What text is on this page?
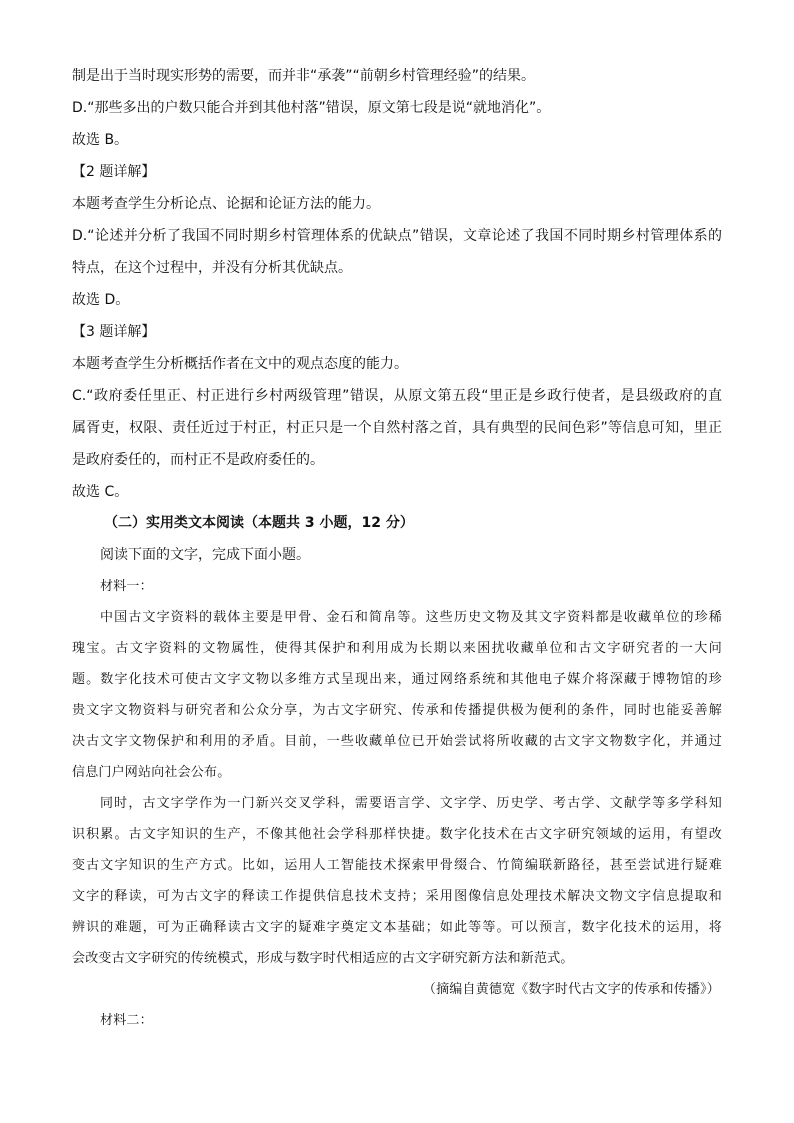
制是出于当时现实形势的需要，而并非“承袭”“前朝乡村管理经验”的结果。
D.“那些多出的户数只能合并到其他村落”错误，原文第七段是说“就地消化”。
故选 B。
【2 题详解】
本题考查学生分析论点、论据和论证方法的能力。
D.“论述并分析了我国不同时期乡村管理体系的优缺点”错误，文章论述了我国不同时期乡村管理体系的
特点，在这个过程中，并没有分析其优缺点。
故选 D。
【3 题详解】
本题考查学生分析概括作者在文中的观点态度的能力。
C.“政府委任里正、村正进行乡村两级管理”错误，从原文第五段“里正是乡政行使者，是县级政府的直
属胥吏，权限、责任近过于村正，村正只是一个自然村落之首，具有典型的民间色彩”等信息可知，里正
是政府委任的，而村正不是政府委任的。
故选 C。
（二）实用类文本阅读（本题共 3 小题，12 分）
阅读下面的文字，完成下面小题。
材料一：
中国古文字资料的载体主要是甲骨、金石和简帛等。这些历史文物及其文字资料都是收藏单位的珍稀
瑰宝。古文字资料的文物属性，使得其保护和利用成为长期以来困扰收藏单位和古文字研究者的一大问
题。数字化技术可使古文字文物以多维方式呈现出来，通过网络系统和其他电子媒介将深藏于博物馆的珍
贵文字文物资料与研究者和公众分享，为古文字研究、传承和传播提供极为便利的条件，同时也能妥善解
决古文字文物保护和利用的矛盾。目前，一些收藏单位已开始尝试将所收藏的古文字文物数字化，并通过
信息门户网站向社会公布。
同时，古文字学作为一门新兴交叉学科，需要语言学、文字学、历史学、考古学、文献学等多学科知
识积累。古文字知识的生产，不像其他社会学科那样快捷。数字化技术在古文字研究领域的运用，有望改
变古文字知识的生产方式。比如，运用人工智能技术探索甲骨缀合、竹简编联新路径，甚至尝试进行疑难
文字的释读，可为古文字的释读工作提供信息技术支持；采用图像信息处理技术解决文物文字信息提取和
辨识的难题，可为正确释读古文字的疑难字奠定文本基础；如此等等。可以预言，数字化技术的运用，将
会改变古文字研究的传统模式，形成与数字时代相适应的古文字研究新方法和新范式。
（摘编自黄德宽《数字时代古文字的传承和传播》）
材料二：
